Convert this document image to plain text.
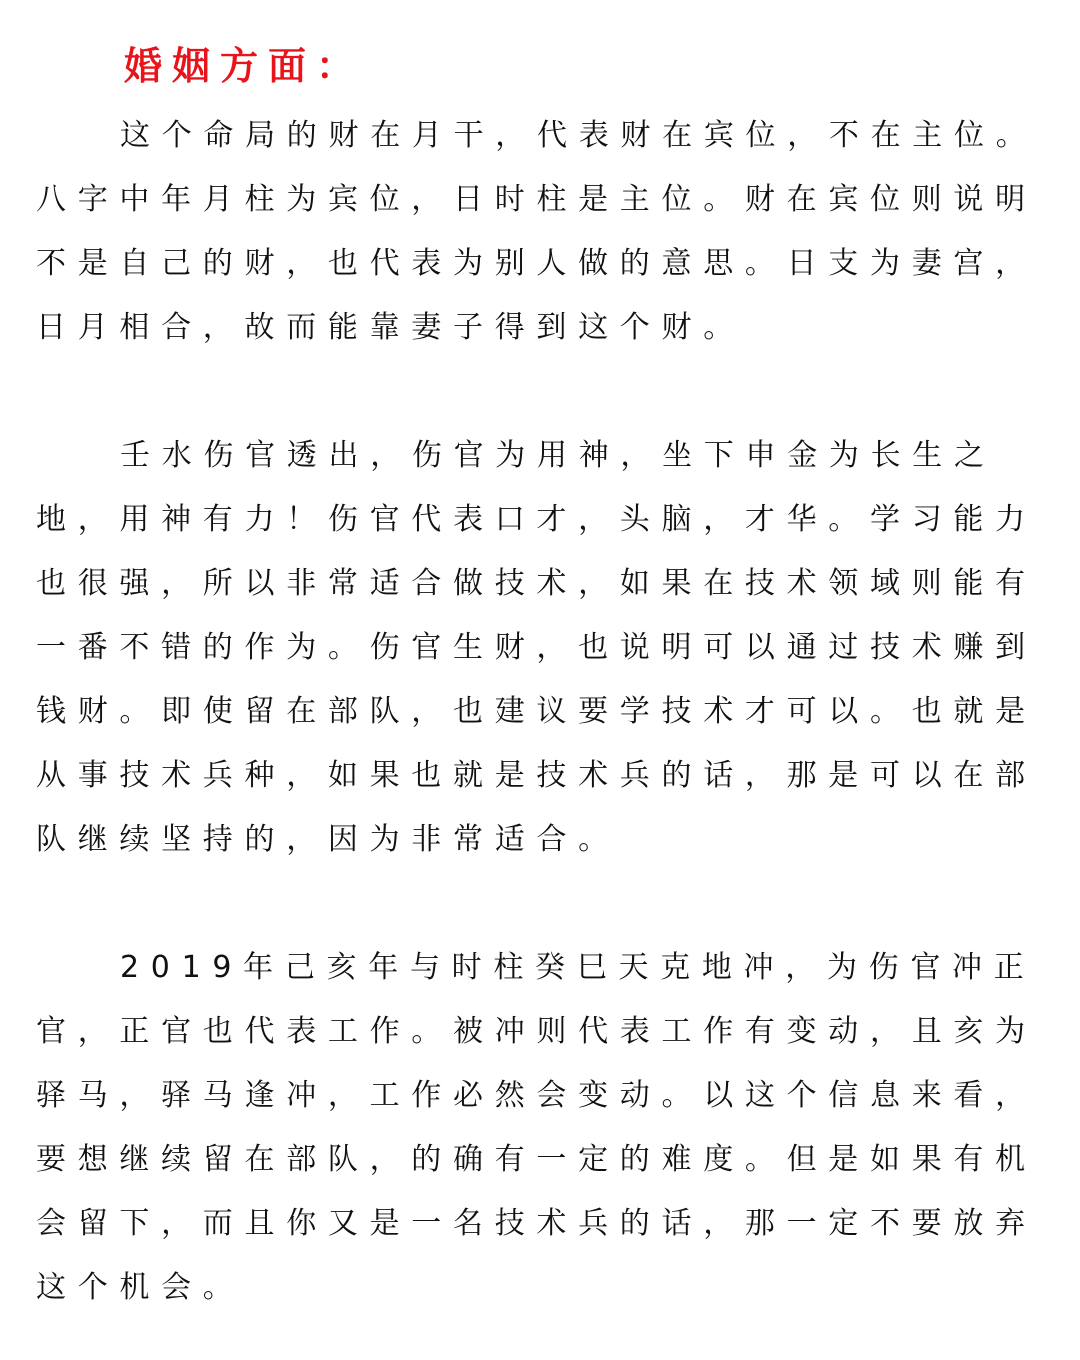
婚姻方面：

这个命局的财在月干，代表财在宾位，不在主位。八字中年月柱为宾位，日时柱是主位。财在宾位则说明不是自己的财，也代表为别人做的意思。日支为妻宫，日月相合，故而能靠妻子得到这个财。

壬水伤官透出，伤官为用神，坐下申金为长生之地，用神有力！伤官代表口才，头脑，才华。学习能力也很强，所以非常适合做技术，如果在技术领域则能有一番不错的作为。伤官生财，也说明可以通过技术赚到钱财。即使留在部队，也建议要学技术才可以。也就是从事技术兵种，如果也就是技术兵的话，那是可以在部队继续坚持的，因为非常适合。

2019年己亥年与时柱癸巳天克地冲，为伤官冲正官，正官也代表工作。被冲则代表工作有变动，且亥为驿马，驿马逢冲，工作必然会变动。以这个信息来看，要想继续留在部队，的确有一定的难度。但是如果有机会留下，而且你又是一名技术兵的话，那一定不要放弃这个机会。
